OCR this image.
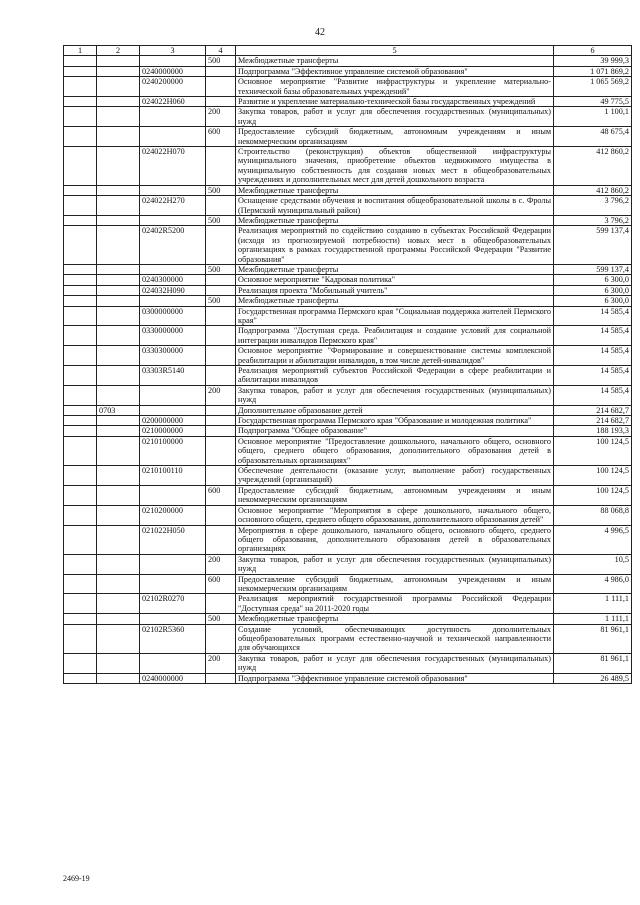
42
1	2	3	4	5	6
			500	Межбюджетные трансферты	39 999,3
		0240000000		Подпрограмма "Эффективное управление системой образования"	1 071 869,2
		0240200000		Основное мероприятие "Развитие инфраструктуры и укрепление материально-технической базы образовательных учреждений"	1 065 569,2
		024022Н060		Развитие и укрепление материально-технической базы государственных учреждений	49 775,5
			200	Закупка товаров, работ и услуг для обеспечения государственных (муниципальных) нужд	1 100,1
			600	Предоставление субсидий бюджетным, автономным учреждениям и иным некоммерческим организациям	48 675,4
		024022Н070		Строительство (реконструкция) объектов общественной инфраструктуры муниципального значения, приобретение объектов недвижимого имущества в муниципальную собственность для создания новых мест в общеобразовательных учреждениях и дополнительных мест для детей дошкольного возраста	412 860,2
			500	Межбюджетные трансферты	412 860,2
		024022Н270		Оснащение средствами обучения и воспитания общеобразовательной школы в с. Фролы (Пермский муниципальный район)	3 796,2
			500	Межбюджетные трансферты	3 796,2
		02402R5200		Реализация мероприятий по содействию созданию в субъектах Российской Федерации (исходя из прогнозируемой потребности) новых мест в общеобразовательных организациях в рамках государственной программы Российской Федерации "Развитие образования"	599 137,4
			500	Межбюджетные трансферты	599 137,4
		0240300000		Основное мероприятие "Кадровая политика"	6 300,0
		024032Н090		Реализация проекта "Мобильный учитель"	6 300,0
			500	Межбюджетные трансферты	6 300,0
		0300000000		Государственная программа Пермского края "Социальная поддержка жителей Пермского края"	14 585,4
		0330000000		Подпрограмма "Доступная среда. Реабилитация и создание условий для социальной интеграции инвалидов Пермского края"	14 585,4
		0330300000		Основное мероприятие "Формирование и совершенствование системы комплексной реабилитации и абилитации инвалидов, в том числе детей-инвалидов"	14 585,4
		03303R5140		Реализация мероприятий субъектов Российской Федерации в сфере реабилитации и абилитации инвалидов	14 585,4
			200	Закупка товаров, работ и услуг для обеспечения государственных (муниципальных) нужд	14 585,4
	0703			Дополнительное образование детей	214 682,7
		0200000000		Государственная программа Пермского края "Образование и молодежная политика"	214 682,7
		0210000000		Подпрограмма "Общее образование"	188 193,3
		0210100000		Основное мероприятие "Предоставление дошкольного, начального общего, основного общего, среднего общего образования, дополнительного образования детей в образовательных организациях"	100 124,5
		0210100110		Обеспечение деятельности (оказание услуг, выполнение работ) государственных учреждений (организаций)	100 124,5
			600	Предоставление субсидий бюджетным, автономным учреждениям и иным некоммерческим организациям	100 124,5
		0210200000		Основное мероприятие "Мероприятия в сфере дошкольного, начального общего, основного общего, среднего общего образования, дополнительного образования детей"	88 068,8
		021022Н050		Мероприятия в сфере дошкольного, начального общего, основного общего, среднего общего образования, дополнительного образования детей в образовательных организациях	4 996,5
			200	Закупка товаров, работ и услуг для обеспечения государственных (муниципальных) нужд	10,5
			600	Предоставление субсидий бюджетным, автономным учреждениям и иным некоммерческим организациям	4 986,0
		02102R0270		Реализация мероприятий государственной программы Российской Федерации "Доступная среда" на 2011-2020 годы	1 111,1
			500	Межбюджетные трансферты	1 111,1
		02102R5360		Создание условий, обеспечивающих доступность дополнительных общеобразовательных программ естественно-научной и технической направленности для обучающихся	81 961,1
			200	Закупка товаров, работ и услуг для обеспечения государственных (муниципальных) нужд	81 961,1
		0240000000		Подпрограмма "Эффективное управление системой образования"	26 489,5
2469-19
